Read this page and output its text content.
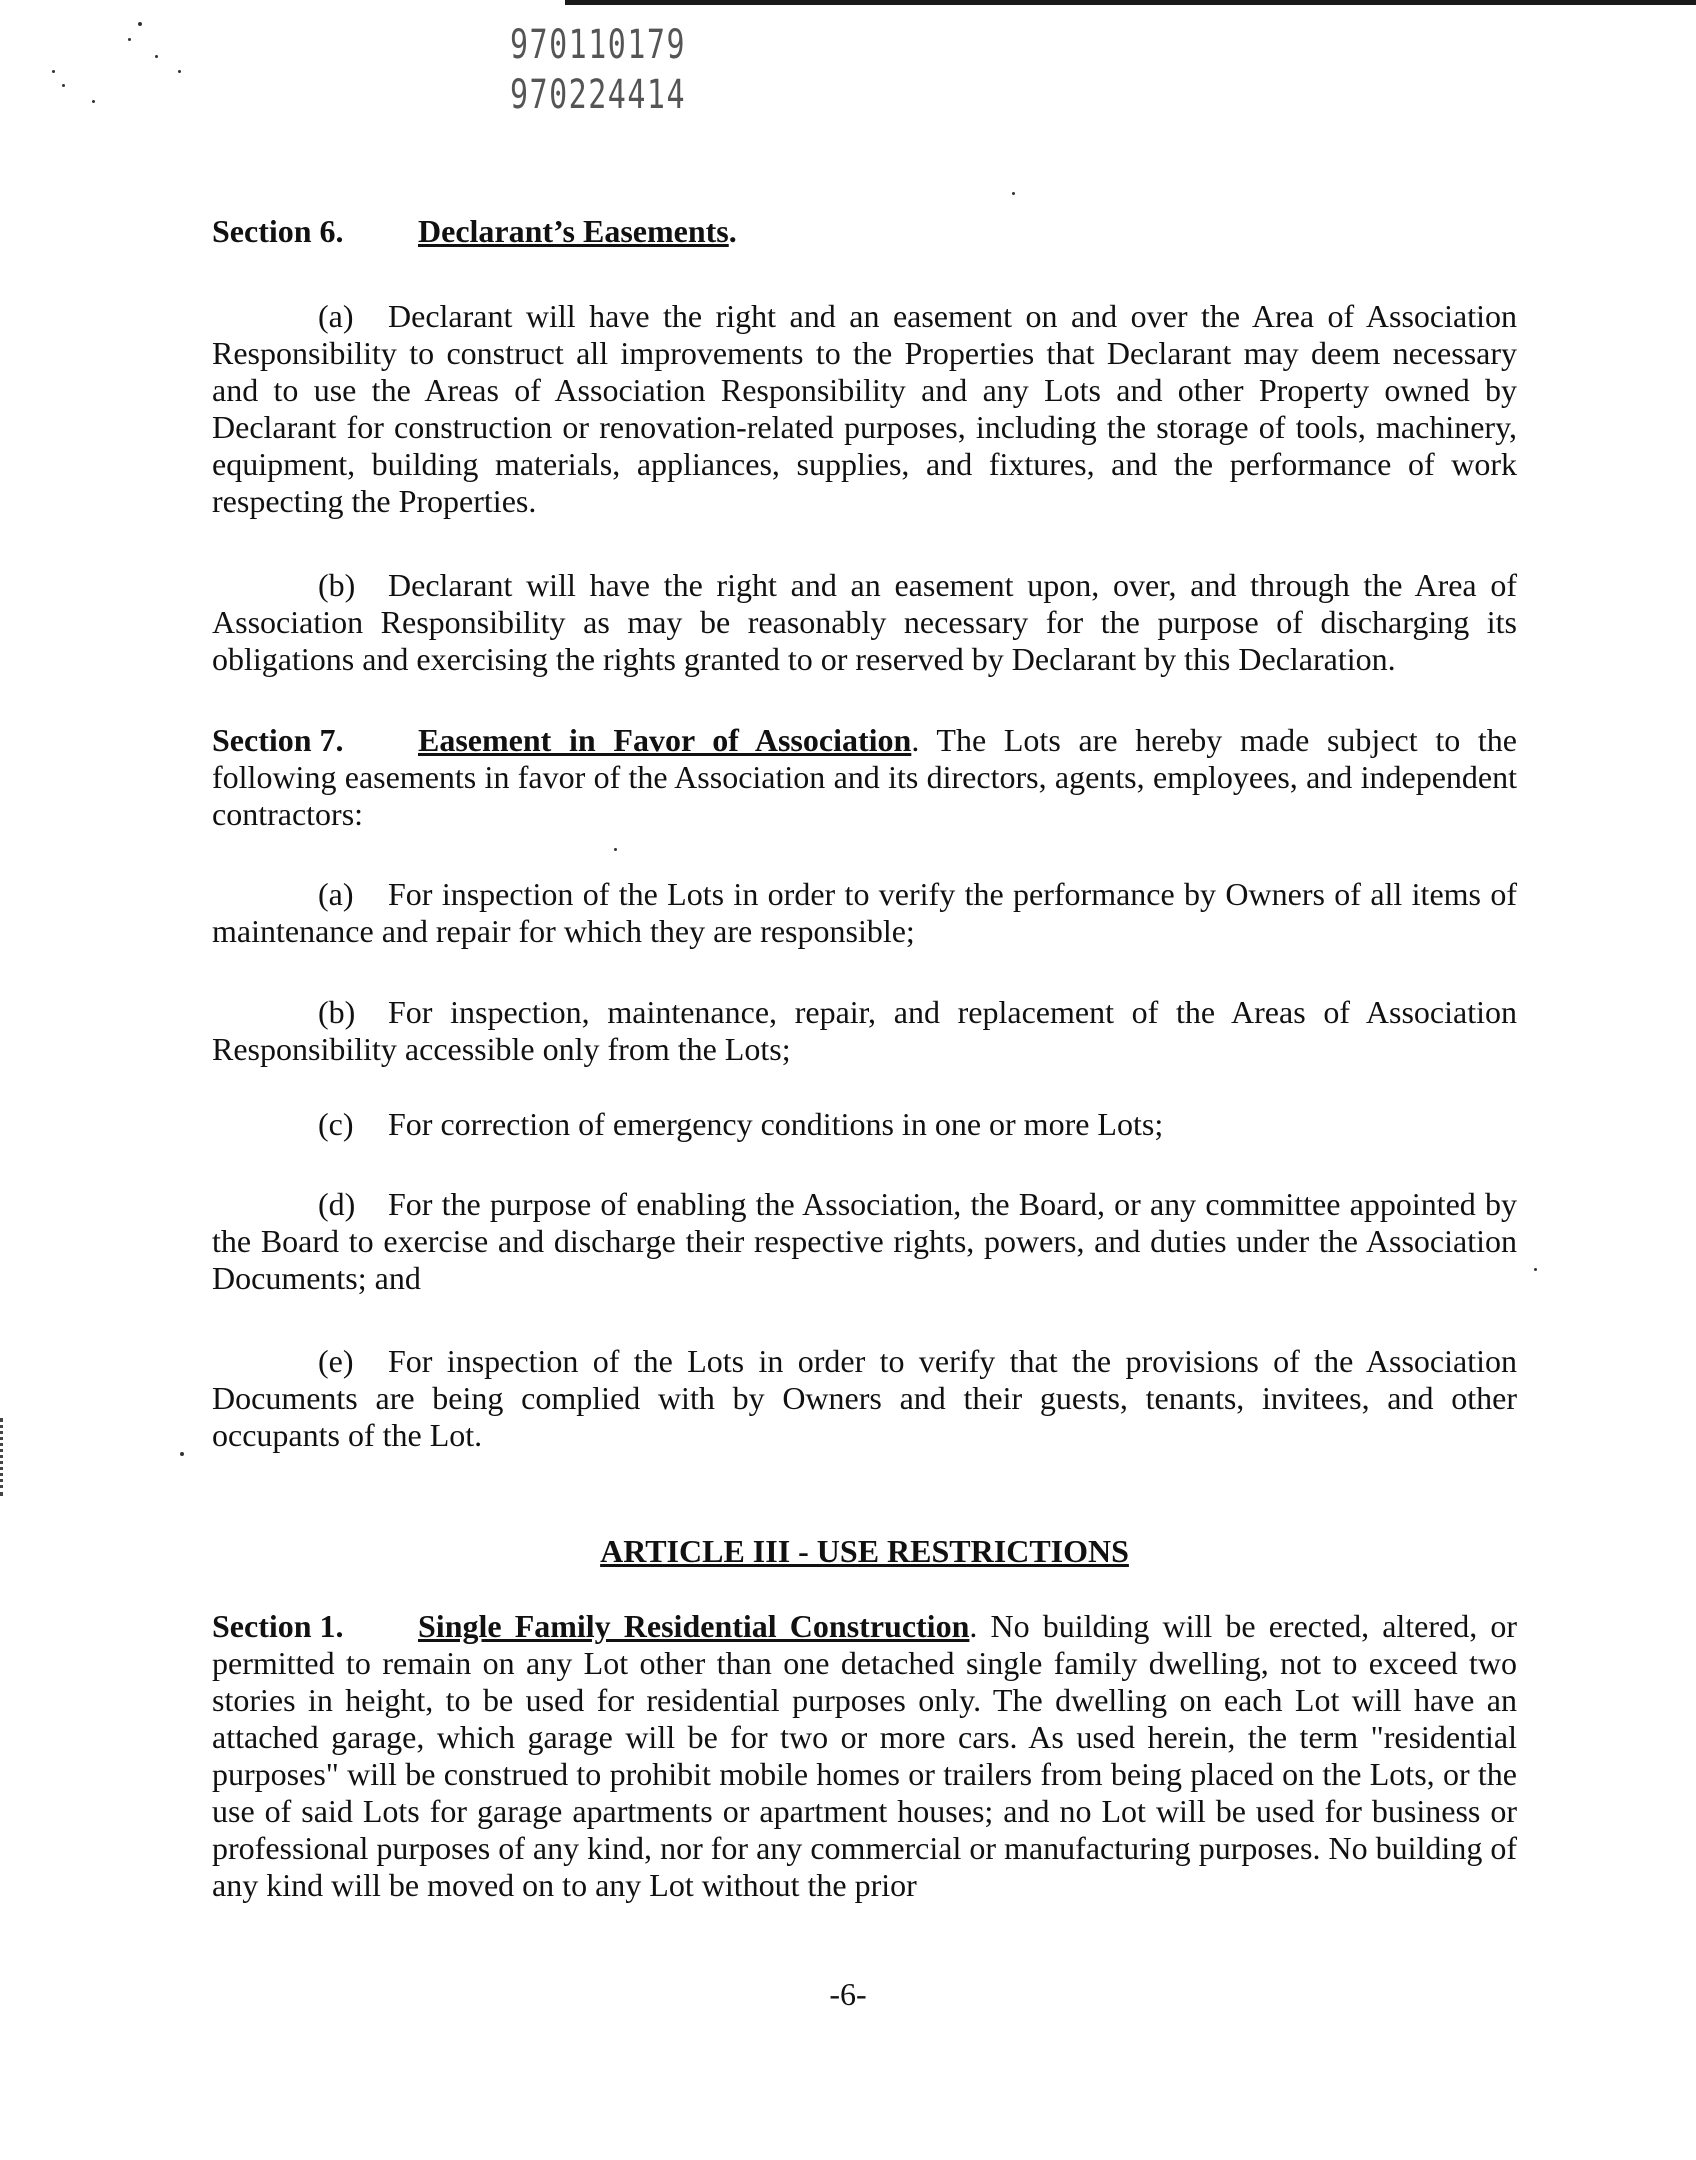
970110179
970224414
Section 6. Declarant’s Easements.
(a) Declarant will have the right and an easement on and over the Area of Association Responsibility to construct all improvements to the Properties that Declarant may deem necessary and to use the Areas of Association Responsibility and any Lots and other Property owned by Declarant for construction or renovation-related purposes, including the storage of tools, machinery, equipment, building materials, appliances, supplies, and fixtures, and the performance of work respecting the Properties.
(b) Declarant will have the right and an easement upon, over, and through the Area of Association Responsibility as may be reasonably necessary for the purpose of discharging its obligations and exercising the rights granted to or reserved by Declarant by this Declaration.
Section 7. Easement in Favor of Association. The Lots are hereby made subject to the following easements in favor of the Association and its directors, agents, employees, and independent contractors:
(a) For inspection of the Lots in order to verify the performance by Owners of all items of maintenance and repair for which they are responsible;
(b) For inspection, maintenance, repair, and replacement of the Areas of Association Responsibility accessible only from the Lots;
(c) For correction of emergency conditions in one or more Lots;
(d) For the purpose of enabling the Association, the Board, or any committee appointed by the Board to exercise and discharge their respective rights, powers, and duties under the Association Documents; and
(e) For inspection of the Lots in order to verify that the provisions of the Association Documents are being complied with by Owners and their guests, tenants, invitees, and other occupants of the Lot.
ARTICLE III - USE RESTRICTIONS
Section 1. Single Family Residential Construction. No building will be erected, altered, or permitted to remain on any Lot other than one detached single family dwelling, not to exceed two stories in height, to be used for residential purposes only. The dwelling on each Lot will have an attached garage, which garage will be for two or more cars. As used herein, the term "residential purposes" will be construed to prohibit mobile homes or trailers from being placed on the Lots, or the use of said Lots for garage apartments or apartment houses; and no Lot will be used for business or professional purposes of any kind, nor for any commercial or manufacturing purposes. No building of any kind will be moved on to any Lot without the prior
-6-
